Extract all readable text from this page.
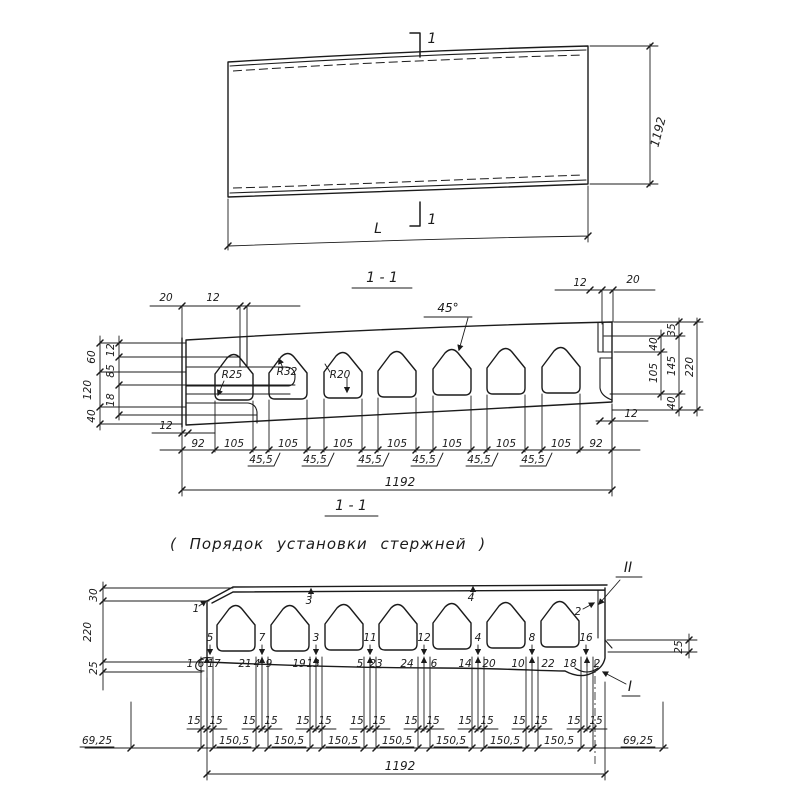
1
1
1192
L
1 - 1
92 105	105	105	105	105	105	105 92
45,5	45,5	45,5	45,5	45,5	45,5
1192
20	12
12	20
60
120
40
12
85
18
12
40
105
35
145
40
220
12
45°
R25	R32	R20
1 - 1
( Порядок установки стержней )
1
3	4
2
5	7	3	11	12	4	8	16
1 6 17 21 4 9 19 13	5 23 24 6 14 20 10 22 18 2
15 15 15 15 15 15 15 15 15 15 15 15 15 15 15 15
150,5 150,5 150,5 150,5 150,5 150,5 150,5
69,25	69,25
1192
30
220
25
25
II
I
